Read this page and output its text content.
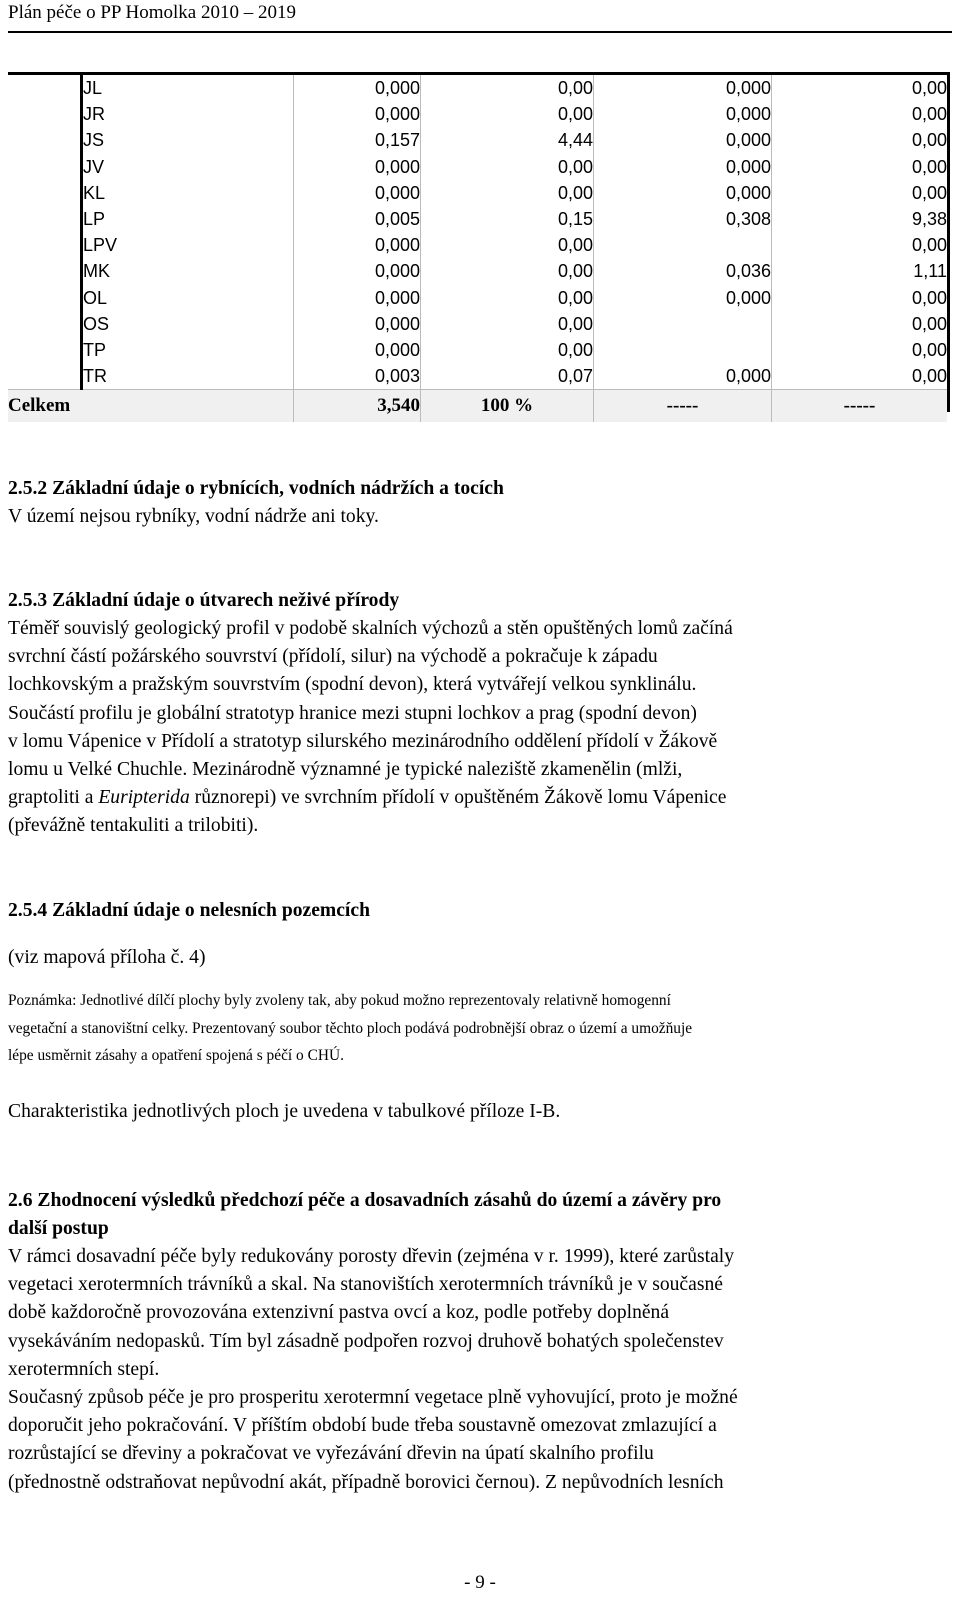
Plán péče o PP Homolka 2010 – 2019
	JL	0,000	0,00	0,000	0,00
	JR	0,000	0,00	0,000	0,00
	JS	0,157	4,44	0,000	0,00
	JV	0,000	0,00	0,000	0,00
	KL	0,000	0,00	0,000	0,00
	LP	0,005	0,15	0,308	9,38
	LPV	0,000	0,00		0,00
	MK	0,000	0,00	0,036	1,11
	OL	0,000	0,00	0,000	0,00
	OS	0,000	0,00		0,00
	TP	0,000	0,00		0,00
	TR	0,003	0,07	0,000	0,00
Celkem		3,540	100 %	-----	-----
2.5.2 Základní údaje o rybnících, vodních nádržích a tocích
V území nejsou rybníky, vodní nádrže ani toky.
2.5.3 Základní údaje o útvarech neživé přírody
Téměř souvislý geologický profil v podobě skalních výchozů a stěn opuštěných lomů začíná
svrchní částí požárského souvrství (přídolí, silur) na východě a pokračuje k západu
lochkovským a pražským souvrstvím (spodní devon), která vytvářejí velkou synklinálu.
Součástí profilu je globální stratotyp hranice mezi stupni lochkov a prag (spodní devon)
v lomu Vápenice v Přídolí a stratotyp silurského mezinárodního oddělení přídolí v Žákově
lomu u Velké Chuchle. Mezinárodně významné je typické naleziště zkamenělin (mlži,
graptoliti a Euripterida různorepi) ve svrchním přídolí v opuštěném Žákově lomu Vápenice
(převážně tentakuliti a trilobiti).
2.5.4 Základní údaje o nelesních pozemcích
(viz mapová příloha č. 4)
Poznámka: Jednotlivé dílčí plochy byly zvoleny tak, aby pokud možno reprezentovaly relativně homogenní
vegetační a stanovištní celky. Prezentovaný soubor těchto ploch podává podrobnější obraz o území a umožňuje
lépe usměrnit zásahy a opatření spojená s péčí o CHÚ.
Charakteristika jednotlivých ploch je uvedena v tabulkové příloze I-B.
2.6 Zhodnocení výsledků předchozí péče a dosavadních zásahů do území a závěry pro
další postup
V rámci dosavadní péče byly redukovány porosty dřevin (zejména v r. 1999), které zarůstaly
vegetaci xerotermních trávníků a skal. Na stanovištích xerotermních trávníků je v současné
době každoročně provozována extenzivní pastva ovcí a koz, podle potřeby doplněná
vysekáváním nedopasků. Tím byl zásadně podpořen rozvoj druhově bohatých společenstev
xerotermních stepí.
Současný způsob péče je pro prosperitu xerotermní vegetace plně vyhovující, proto je možné
doporučit jeho pokračování. V příštím období bude třeba soustavně omezovat zmlazující a
rozrůstající se dřeviny a pokračovat ve vyřezávání dřevin na úpatí skalního profilu
(přednostně odstraňovat nepůvodní akát, případně borovici černou). Z nepůvodních lesních
- 9 -
